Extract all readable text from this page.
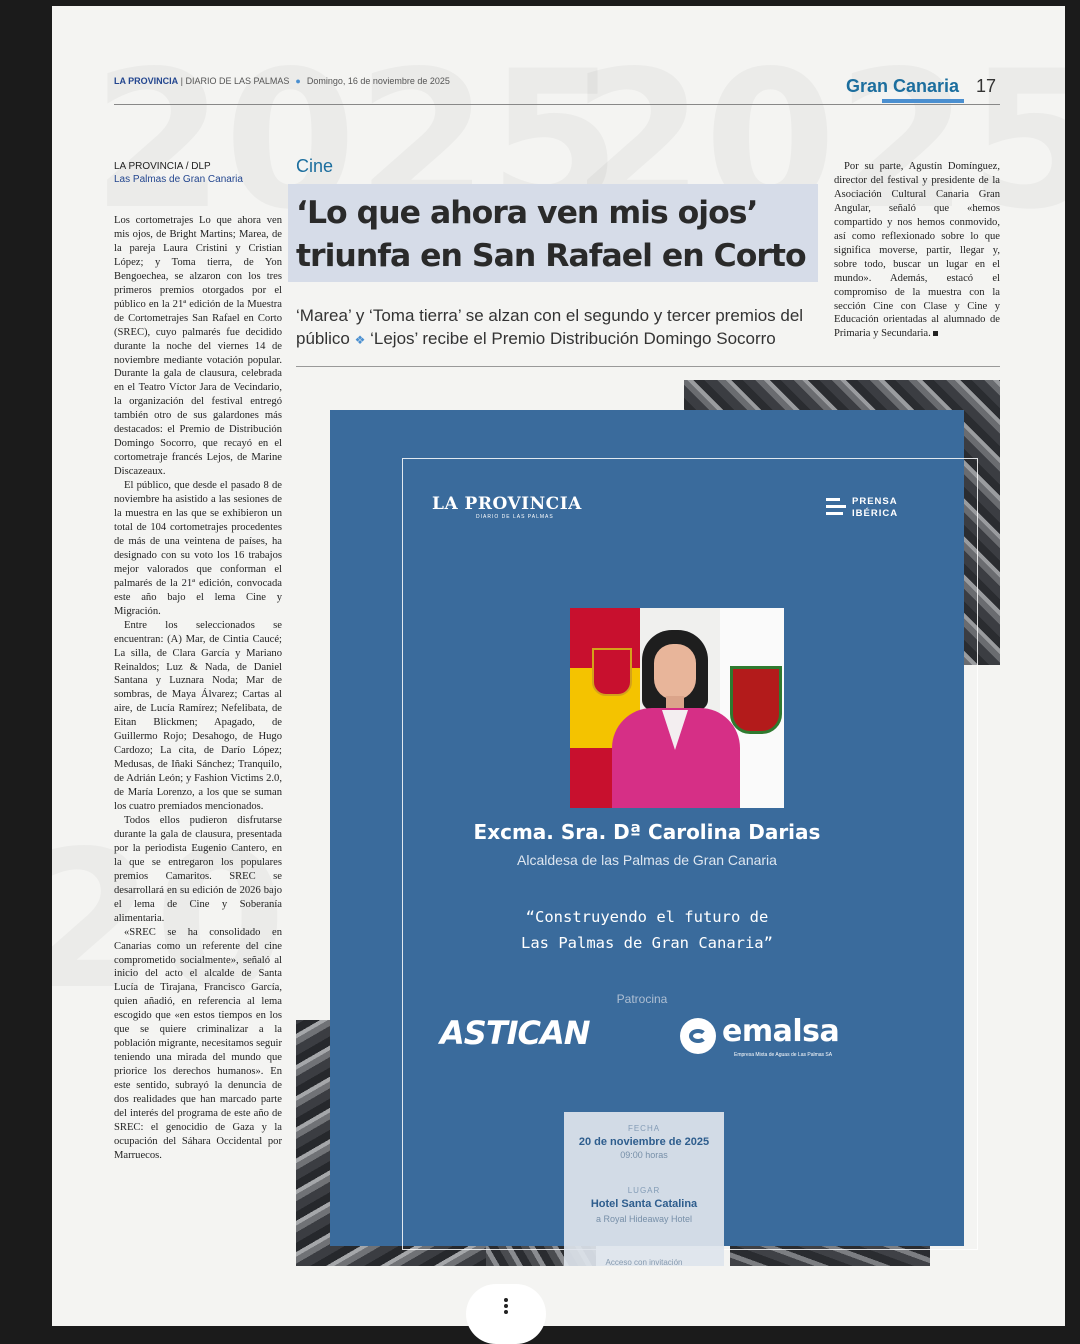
LA PROVINCIA | DIARIO DE LAS PALMAS ● Domingo, 16 de noviembre de 2025	Gran Canaria 17
LA PROVINCIA / DLP
Las Palmas de Gran Canaria

Los cortometrajes Lo que ahora ven mis ojos, de Bright Martins; Marea, de la pareja Laura Cristini y Cristian López; y Toma tierra, de Yon Bengoechea, se alzaron con los tres primeros premios otorgados por el público en la 21ª edición de la Muestra de Cortometrajes San Rafael en Corto (SREC), cuyo palmarés fue decidido durante la noche del viernes 14 de noviembre mediante votación popular. Durante la gala de clausura, celebrada en el Teatro Víctor Jara de Vecindario, la organización del festival entregó también otro de sus galardones más destacados: el Premio de Distribución Domingo Socorro, que recayó en el cortometraje francés Lejos, de Marine Discazeaux.

El público, que desde el pasado 8 de noviembre ha asistido a las sesiones de la muestra en las que se exhibieron un total de 104 cortometrajes procedentes de más de una veintena de países, ha designado con su voto los 16 trabajos mejor valorados que conforman el palmarés de la 21ª edición, convocada este año bajo el lema Cine y Migración.

Entre los seleccionados se encuentran: (A) Mar, de Cintia Caucé; La silla, de Clara García y Mariano Reinaldos; Luz & Nada, de Daniel Santana y Luznara Noda; Mar de sombras, de Maya Álvarez; Cartas al aire, de Lucía Ramírez; Nefelibata, de Eitan Blickmen; Apagado, de Guillermo Rojo; Desahogo, de Hugo Cardozo; La cita, de Darío López; Medusas, de Iñaki Sánchez; Tranquilo, de Adrián León; y Fashion Victims 2.0, de María Lorenzo, a los que se suman los cuatro premiados mencionados.

Todos ellos pudieron disfrutarse durante la gala de clausura, presentada por la periodista Eugenio Cantero, en la que se entregaron los populares premios Camaritos. SREC se desarrollará en su edición de 2026 bajo el lema de Cine y Soberanía alimentaria.

«SREC se ha consolidado en Canarias como un referente del cine comprometido socialmente», señaló al inicio del acto el alcalde de Santa Lucía de Tirajana, Francisco García, quien añadió, en referencia al lema escogido que «en estos tiempos en los que se quiere criminalizar a la población migrante, necesitamos seguir teniendo una mirada del mundo que priorice los derechos humanos». En este sentido, subrayó la denuncia de dos realidades que han marcado parte del interés del programa de este año de SREC: el genocidio de Gaza y la ocupación del Sáhara Occidental por Marruecos.

Cine
‘Lo que ahora ven mis ojos’ triunfa en San Rafael en Corto
‘Marea’ y ‘Toma tierra’ se alzan con el segundo y tercer premios del público ❖ ‘Lejos’ recibe el Premio Distribución Domingo Socorro

Por su parte, Agustín Domínguez, director del festival y presidente de la Asociación Cultural Canaria Gran Angular, señaló que «hemos compartido y nos hemos conmovido, así como reflexionado sobre lo que significa moverse, partir, llegar y, sobre todo, buscar un lugar en el mundo». Además, estacó el compromiso de la muestra con la sección Cine con Clase y Cine y Educación orientadas al alumnado de Primaria y Secundaria.

LA PROVINCIA
DIARIO DE LAS PALMAS
PRENSA
IBÉRICA
Excma. Sra. Dª Carolina Darias
Alcaldesa de las Palmas de Gran Canaria
“Construyendo el futuro de
Las Palmas de Gran Canaria”
Patrocina
ASTICAN	emalsa
Empresa Mixta de Aguas de Las Palmas SA
FECHA
20 de noviembre de 2025
09:00 horas
LUGAR
Hotel Santa Catalina
a Royal Hideaway Hotel
Acceso con invitación
